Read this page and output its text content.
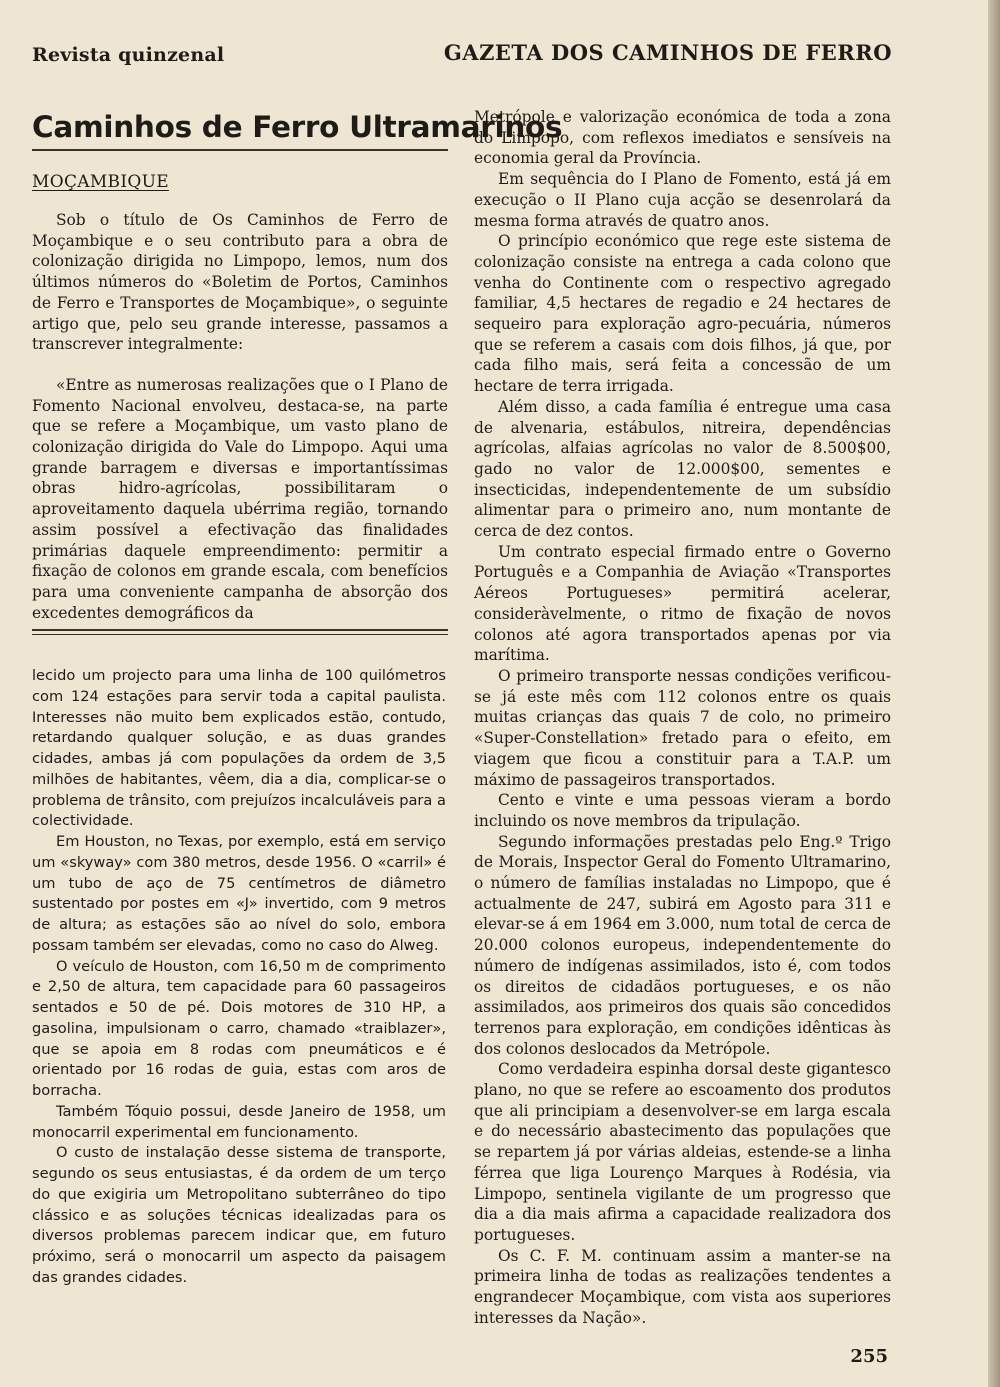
Revista quinzenal	GAZETA DOS CAMINHOS DE FERRO
Caminhos de Ferro Ultramarinos
MOÇAMBIQUE

Sob o título de Os Caminhos de Ferro de Moçambique e o seu contributo para a obra de colonização dirigida no Limpopo, lemos, num dos últimos números do «Boletim de Portos, Caminhos de Ferro e Transportes de Moçambique», o seguinte artigo que, pelo seu grande interesse, passamos a transcrever integralmente:

«Entre as numerosas realizações que o I Plano de Fomento Nacional envolveu, destaca-se, na parte que se refere a Moçambique, um vasto plano de colonização dirigida do Vale do Limpopo. Aqui uma grande barragem e diversas e importantíssimas obras hidro-agrícolas, possibilitaram o aproveitamento daquela ubérrima região, tornando assim possível a efectivação das finalidades primárias daquele empreendimento: permitir a fixação de colonos em grande escala, com benefícios para uma conveniente campanha de absorção dos excedentes demográficos da

lecido um projecto para uma linha de 100 quilómetros com 124 estações para servir toda a capital paulista. Interesses não muito bem explicados estão, contudo, retardando qualquer solução, e as duas grandes cidades, ambas já com populações da ordem de 3,5 milhões de habitantes, vêem, dia a dia, complicar-se o problema de trânsito, com prejuízos incalculáveis para a colectividade.

Em Houston, no Texas, por exemplo, está em serviço um «skyway» com 380 metros, desde 1956. O «carril» é um tubo de aço de 75 centímetros de diâmetro sustentado por postes em «J» invertido, com 9 metros de altura; as estações são ao nível do solo, embora possam também ser elevadas, como no caso do Alweg.

O veículo de Houston, com 16,50 m de comprimento e 2,50 de altura, tem capacidade para 60 passageiros sentados e 50 de pé. Dois motores de 310 HP, a gasolina, impulsionam o carro, chamado «traiblazer», que se apoia em 8 rodas com pneumáticos e é orientado por 16 rodas de guia, estas com aros de borracha.

Também Tóquio possui, desde Janeiro de 1958, um monocarril experimental em funcionamento.

O custo de instalação desse sistema de transporte, segundo os seus entusiastas, é da ordem de um terço do que exigiria um Metropolitano subterrâneo do tipo clássico e as soluções técnicas idealizadas para os diversos problemas parecem indicar que, em futuro próximo, será o monocarril um aspecto da paisagem das grandes cidades.

Metrópole e valorização económica de toda a zona do Limpopo, com reflexos imediatos e sensíveis na economia geral da Província.

Em sequência do I Plano de Fomento, está já em execução o II Plano cuja acção se desenrolará da mesma forma através de quatro anos.

O princípio económico que rege este sistema de colonização consiste na entrega a cada colono que venha do Continente com o respectivo agregado familiar, 4,5 hectares de regadio e 24 hectares de sequeiro para exploração agro-pecuária, números que se referem a casais com dois filhos, já que, por cada filho mais, será feita a concessão de um hectare de terra irrigada.

Além disso, a cada família é entregue uma casa de alvenaria, estábulos, nitreira, dependências agrícolas, alfaias agrícolas no valor de 8.500$00, gado no valor de 12.000$00, sementes e insecticidas, independentemente de um subsídio alimentar para o primeiro ano, num montante de cerca de dez contos.

Um contrato especial firmado entre o Governo Português e a Companhia de Aviação «Transportes Aéreos Portugueses» permitirá acelerar, consideràvelmente, o ritmo de fixação de novos colonos até agora transportados apenas por via marítima.

O primeiro transporte nessas condições verificou-se já este mês com 112 colonos entre os quais muitas crianças das quais 7 de colo, no primeiro «Super-Constellation» fretado para o efeito, em viagem que ficou a constituir para a T.A.P. um máximo de passageiros transportados.

Cento e vinte e uma pessoas vieram a bordo incluindo os nove membros da tripulação.

Segundo informações prestadas pelo Eng.º Trigo de Morais, Inspector Geral do Fomento Ultramarino, o número de famílias instaladas no Limpopo, que é actualmente de 247, subirá em Agosto para 311 e elevar-se á em 1964 em 3.000, num total de cerca de 20.000 colonos europeus, independentemente do número de indígenas assimilados, isto é, com todos os direitos de cidadãos portugueses, e os não assimilados, aos primeiros dos quais são concedidos terrenos para exploração, em condições idênticas às dos colonos deslocados da Metrópole.

Como verdadeira espinha dorsal deste gigantesco plano, no que se refere ao escoamento dos produtos que ali principiam a desenvolver-se em larga escala e do necessário abastecimento das populações que se repartem já por várias aldeias, estende-se a linha férrea que liga Lourenço Marques à Rodésia, via Limpopo, sentinela vigilante de um progresso que dia a dia mais afirma a capacidade realizadora dos portugueses.

Os C. F. M. continuam assim a manter-se na primeira linha de todas as realizações tendentes a engrandecer Moçambique, com vista aos superiores interesses da Nação».

255
